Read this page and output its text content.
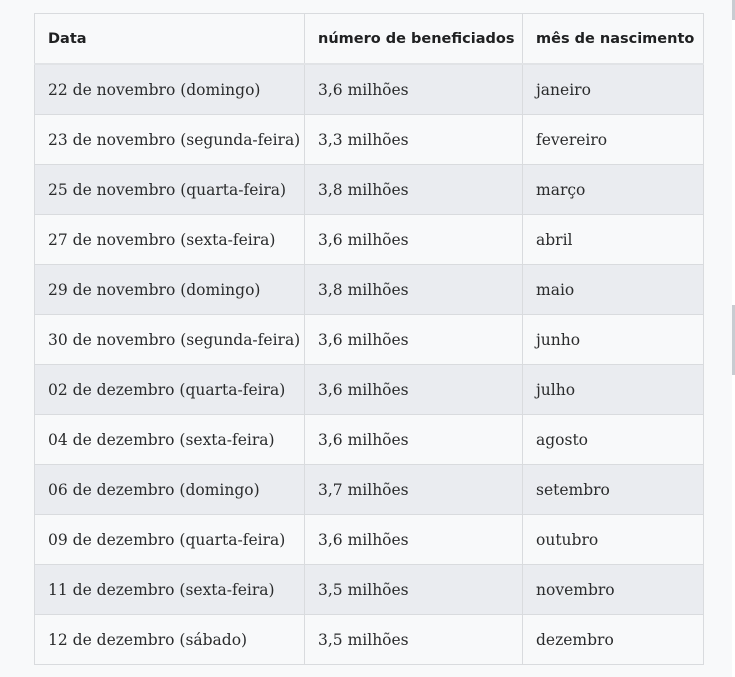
Data	número de beneficiados	mês de nascimento
22 de novembro (domingo)	3,6 milhões	janeiro
23 de novembro (segunda-feira)	3,3 milhões	fevereiro
25 de novembro (quarta-feira)	3,8 milhões	março
27 de novembro (sexta-feira)	3,6 milhões	abril
29 de novembro (domingo)	3,8 milhões	maio
30 de novembro (segunda-feira)	3,6 milhões	junho
02 de dezembro (quarta-feira)	3,6 milhões	julho
04 de dezembro (sexta-feira)	3,6 milhões	agosto
06 de dezembro (domingo)	3,7 milhões	setembro
09 de dezembro (quarta-feira)	3,6 milhões	outubro
11 de dezembro (sexta-feira)	3,5 milhões	novembro
12 de dezembro (sábado)	3,5 milhões	dezembro
